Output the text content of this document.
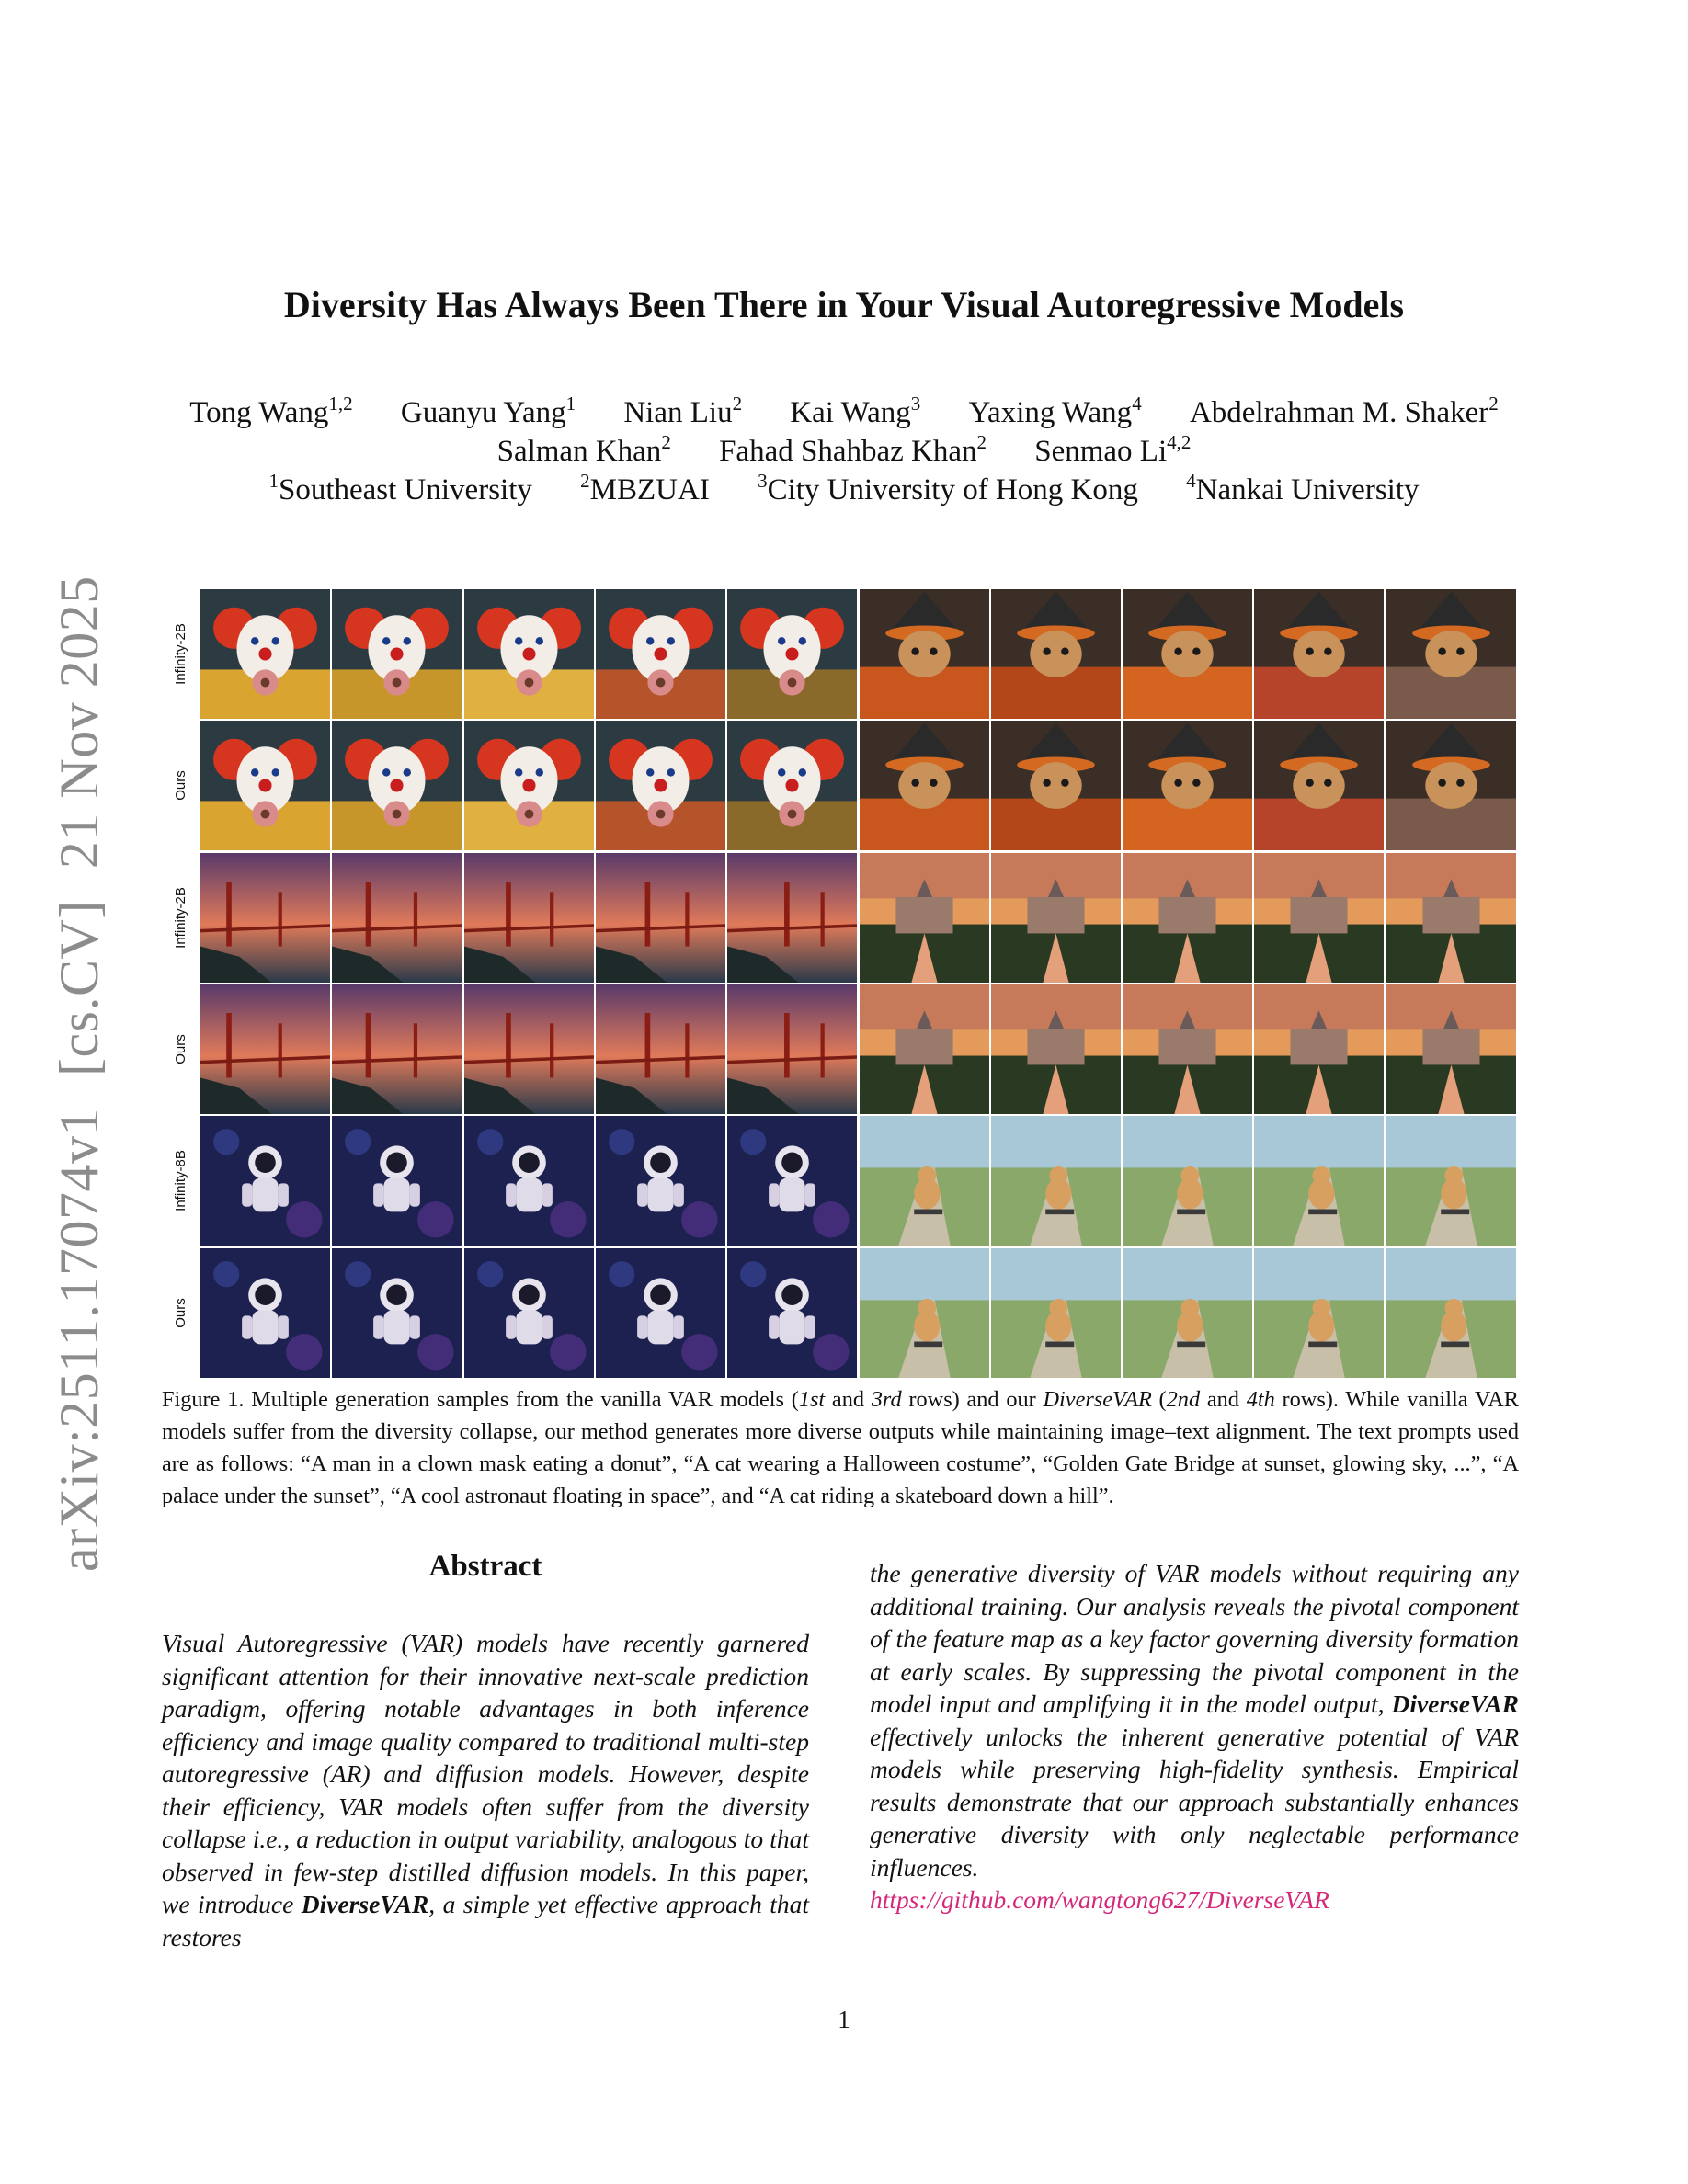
arXiv:2511.17074v1[cs.CV]21 Nov 2025
Diversity Has Always Been There in Your Visual Autoregressive Models
Tong Wang$^{1,2}$ Guanyu Yang$^1$ Nian Liu$^2$ Kai Wang$^3$ Yaxing Wang$^4$ Abdelrahman M. Shaker$^2$
Salman Khan$^2$ Fahad Shahbaz Khan$^2$ Senmao Li$^{4,2}$
$^1$Southeast University $^2$MBZUAI $^3$City University of Hong Kong $^4$Nankai University
Infinity-2B
Ours
Infinity-2B
Ours
Infinity-8B
Ours
Figure 1. Multiple generation samples from the vanilla VAR models (1st and 3rd rows) and our DiverseVAR (2nd and 4th rows). While vanilla VAR models suffer from the diversity collapse, our method generates more diverse outputs while maintaining image–text alignment. The text prompts used are as follows: “A man in a clown mask eating a donut”, “A cat wearing a Halloween costume”, “Golden Gate Bridge at sunset, glowing sky, ...”, “A palace under the sunset”, “A cool astronaut floating in space”, and “A cat riding a skateboard down a hill”.
Abstract
Visual Autoregressive (VAR) models have recently garnered significant attention for their innovative next-scale prediction paradigm, offering notable advantages in both inference efficiency and image quality compared to traditional multi-step autoregressive (AR) and diffusion models. However, despite their efficiency, VAR models often suffer from the diversity collapse i.e., a reduction in output variability, analogous to that observed in few-step distilled diffusion models. In this paper, we introduce DiverseVAR, a simple yet effective approach that restores
the generative diversity of VAR models without requiring any additional training. Our analysis reveals the pivotal component of the feature map as a key factor governing diversity formation at early scales. By suppressing the pivotal component in the model input and amplifying it in the model output, DiverseVAR effectively unlocks the inherent generative potential of VAR models while preserving high-fidelity synthesis. Empirical results demonstrate that our approach substantially enhances generative diversity with only neglectable performance influences.
https://github.com/wangtong627/DiverseVAR
1
